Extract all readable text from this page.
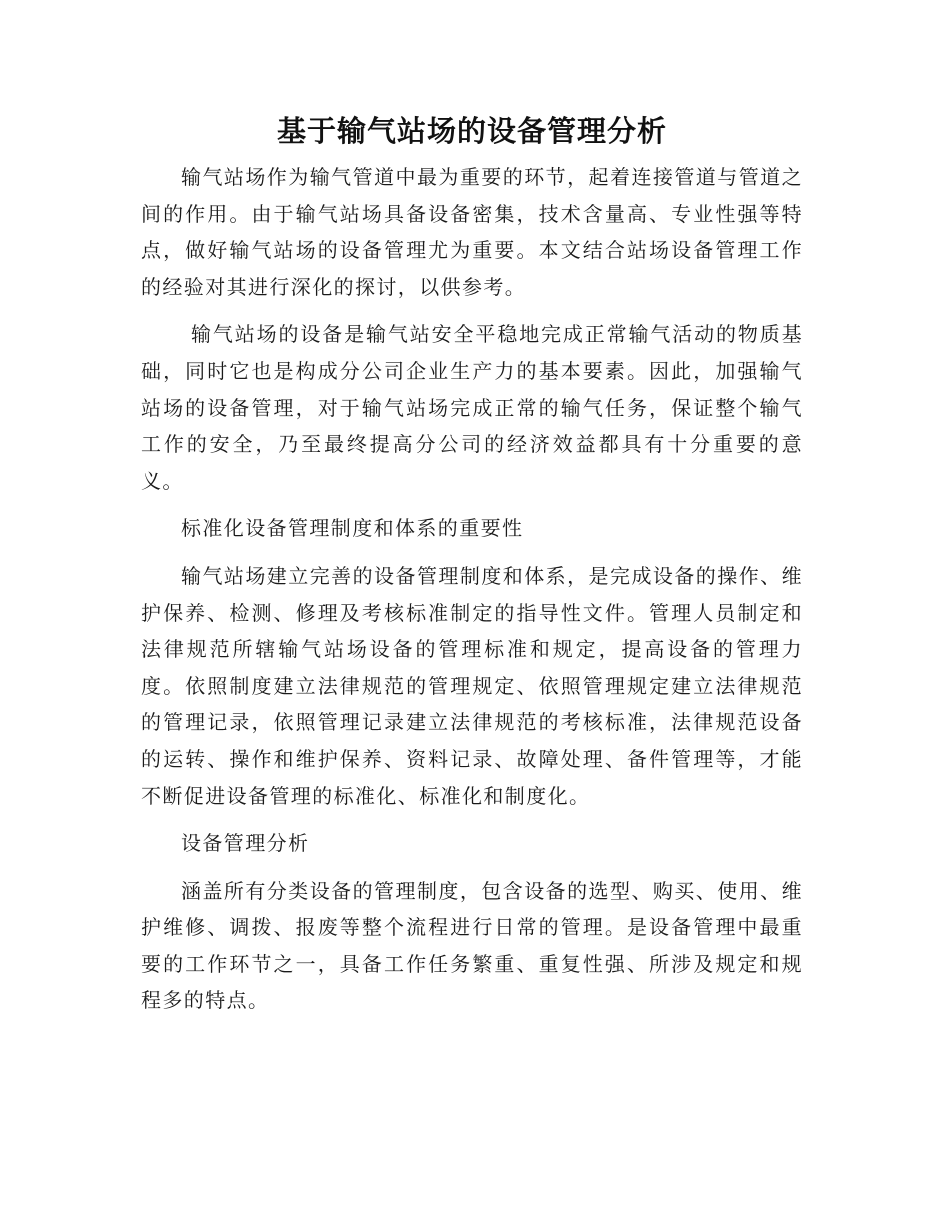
基于输气站场的设备管理分析

输气站场作为输气管道中最为重要的环节，起着连接管道与管道之间的作用。由于输气站场具备设备密集，技术含量高、专业性强等特点，做好输气站场的设备管理尤为重要。本文结合站场设备管理工作的经验对其进行深化的探讨，以供参考。

输气站场的设备是输气站安全平稳地完成正常输气活动的物质基础，同时它也是构成分公司企业生产力的基本要素。因此，加强输气站场的设备管理，对于输气站场完成正常的输气任务，保证整个输气工作的安全，乃至最终提高分公司的经济效益都具有十分重要的意义。

标准化设备管理制度和体系的重要性

输气站场建立完善的设备管理制度和体系，是完成设备的操作、维护保养、检测、修理及考核标准制定的指导性文件。管理人员制定和法律规范所辖输气站场设备的管理标准和规定，提高设备的管理力度。依照制度建立法律规范的管理规定、依照管理规定建立法律规范的管理记录，依照管理记录建立法律规范的考核标准，法律规范设备的运转、操作和维护保养、资料记录、故障处理、备件管理等，才能不断促进设备管理的标准化、标准化和制度化。

设备管理分析

涵盖所有分类设备的管理制度，包含设备的选型、购买、使用、维护维修、调拨、报废等整个流程进行日常的管理。是设备管理中最重要的工作环节之一，具备工作任务繁重、重复性强、所涉及规定和规程多的特点。
